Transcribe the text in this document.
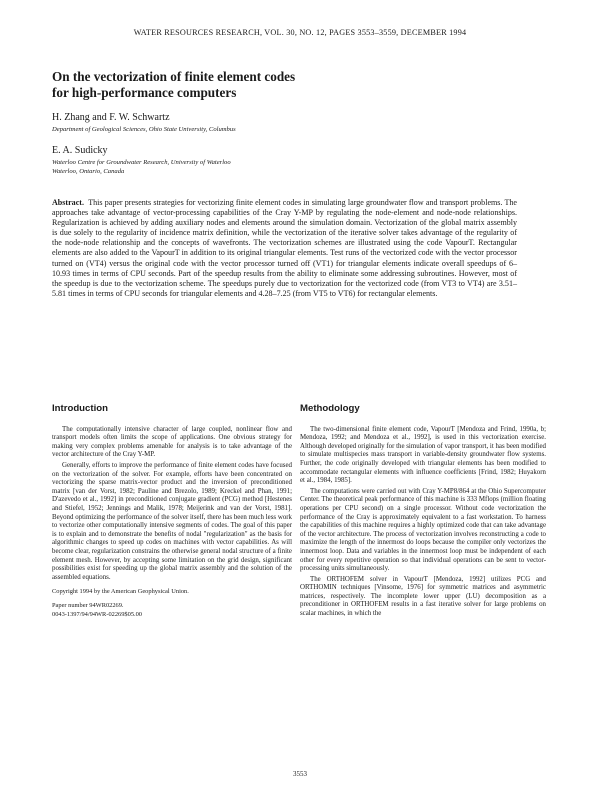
WATER RESOURCES RESEARCH, VOL. 30, NO. 12, PAGES 3553–3559, DECEMBER 1994
On the vectorization of finite element codes
for high-performance computers
H. Zhang and F. W. Schwartz
Department of Geological Sciences, Ohio State University, Columbus
E. A. Sudicky
Waterloo Centre for Groundwater Research, University of Waterloo
Waterloo, Ontario, Canada
Abstract. This paper presents strategies for vectorizing finite element codes in simulating large groundwater flow and transport problems. The approaches take advantage of vector-processing capabilities of the Cray Y-MP by regulating the node-element and node-node relationships. Regularization is achieved by adding auxiliary nodes and elements around the simulation domain. Vectorization of the global matrix assembly is due solely to the regularity of incidence matrix definition, while the vectorization of the iterative solver takes advantage of the regularity of the node-node relationship and the concepts of wavefronts. The vectorization schemes are illustrated using the code VapourT. Rectangular elements are also added to the VapourT in addition to its original triangular elements. Test runs of the vectorized code with the vector processor turned on (VT4) versus the original code with the vector processor turned off (VT1) for triangular elements indicate overall speedups of 6–10.93 times in terms of CPU seconds. Part of the speedup results from the ability to eliminate some addressing subroutines. However, most of the speedup is due to the vectorization scheme. The speedups purely due to vectorization for the vectorized code (from VT3 to VT4) are 3.51–5.81 times in terms of CPU seconds for triangular elements and 4.28–7.25 (from VT5 to VT6) for rectangular elements.
Introduction

The computationally intensive character of large coupled, nonlinear flow and transport models often limits the scope of applications. One obvious strategy for making very complex problems amenable for analysis is to take advantage of the vector architecture of the Cray Y-MP.

Generally, efforts to improve the performance of finite element codes have focused on the vectorization of the solver. For example, efforts have been concentrated on vectorizing the sparse matrix-vector product and the inversion of preconditioned matrix [van der Vorst, 1982; Pauline and Brezolo, 1989; Kreckel and Phan, 1991; D'azevedo et al., 1992] in preconditioned conjugate gradient (PCG) method [Hestenes and Stiefel, 1952; Jennings and Malik, 1978; Meijerink and van der Vorst, 1981]. Beyond optimizing the performance of the solver itself, there has been much less work to vectorize other computationally intensive segments of codes. The goal of this paper is to explain and to demonstrate the benefits of nodal "regularization" as the basis for algorithmic changes to speed up codes on machines with vector capabilities. As will become clear, regularization constrains the otherwise general nodal structure of a finite element mesh. However, by accepting some limitation on the grid design, significant possibilities exist for speeding up the global matrix assembly and the solution of the assembled equations.

Copyright 1994 by the American Geophysical Union.

Paper number 94WR02269.

0043-1397/94/94WR-02269$05.00

Methodology

The two-dimensional finite element code, VapourT [Mendoza and Frind, 1990a, b; Mendoza, 1992; and Mendoza et al., 1992], is used in this vectorization exercise. Although developed originally for the simulation of vapor transport, it has been modified to simulate multispecies mass transport in variable-density groundwater flow systems. Further, the code originally developed with triangular elements has been modified to accommodate rectangular elements with influence coefficients [Frind, 1982; Huyakorn et al., 1984, 1985].

The computations were carried out with Cray Y-MP8/864 at the Ohio Supercomputer Center. The theoretical peak performance of this machine is 333 Mflops (million floating operations per CPU second) on a single processor. Without code vectorization the performance of the Cray is approximately equivalent to a fast workstation. To harness the capabilities of this machine requires a highly optimized code that can take advantage of the vector architecture. The process of vectorization involves reconstructing a code to maximize the length of the innermost do loops because the compiler only vectorizes the innermost loop. Data and variables in the innermost loop must be independent of each other for every repetitive operation so that individual operations can be sent to vector-processing units simultaneously.

The ORTHOFEM solver in VapourT [Mendoza, 1992] utilizes PCG and ORTHOMIN techniques [Vinsome, 1976] for symmetric matrices and asymmetric matrices, respectively. The incomplete lower upper (LU) decomposition as a preconditioner in ORTHOFEM results in a fast iterative solver for large problems on scalar machines, in which the

3553
